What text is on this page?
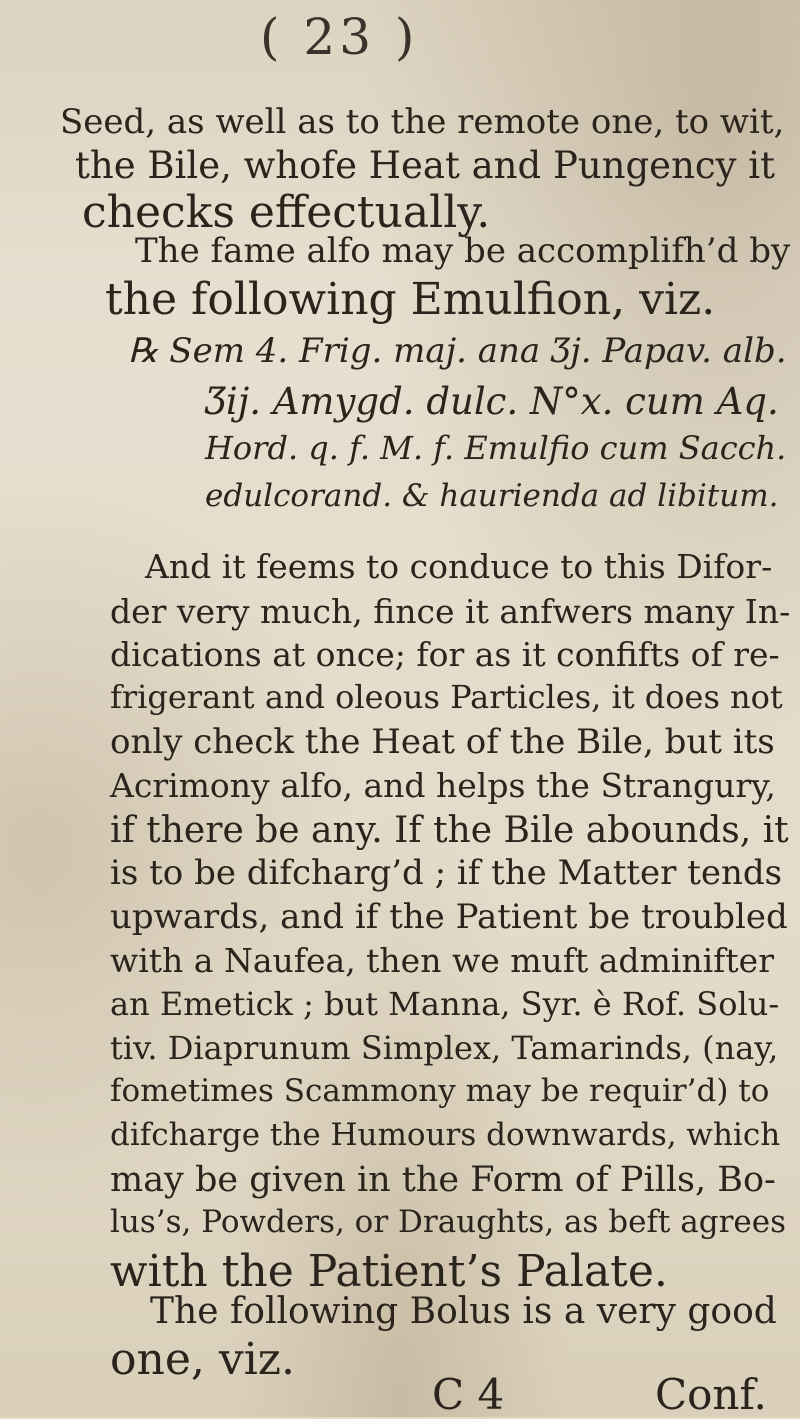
( 23 )
Seed, as well as to the remote one, to wit,
the Bile, whofe Heat and Pungency it
checks effectually.
The fame alfo may be accomplifh’d by
the following Emulfion, viz.
℞ Sem 4. Frig. maj. ana Ʒj. Papav. alb.
Ʒij. Amygd. dulc. N°x. cum Aq.
Hord. q. f. M. f. Emulfio cum Sacch.
edulcorand. & haurienda ad libitum.
And it feems to conduce to this Difor-
der very much, fince it anfwers many In-
dications at once; for as it confifts of re-
frigerant and oleous Particles, it does not
only check the Heat of the Bile, but its
Acrimony alfo, and helps the Strangury,
if there be any. If the Bile abounds, it
is to be difcharg’d ; if the Matter tends
upwards, and if the Patient be troubled
with a Naufea, then we muft adminifter
an Emetick ; but Manna, Syr. è Rof. Solu-
tiv. Diaprunum Simplex, Tamarinds, (nay,
fometimes Scammony may be requir’d) to
difcharge the Humours downwards, which
may be given in the Form of Pills, Bo-
lus’s, Powders, or Draughts, as beft agrees
with the Patient’s Palate.
The following Bolus is a very good
one, viz.
C 4	Conf.
